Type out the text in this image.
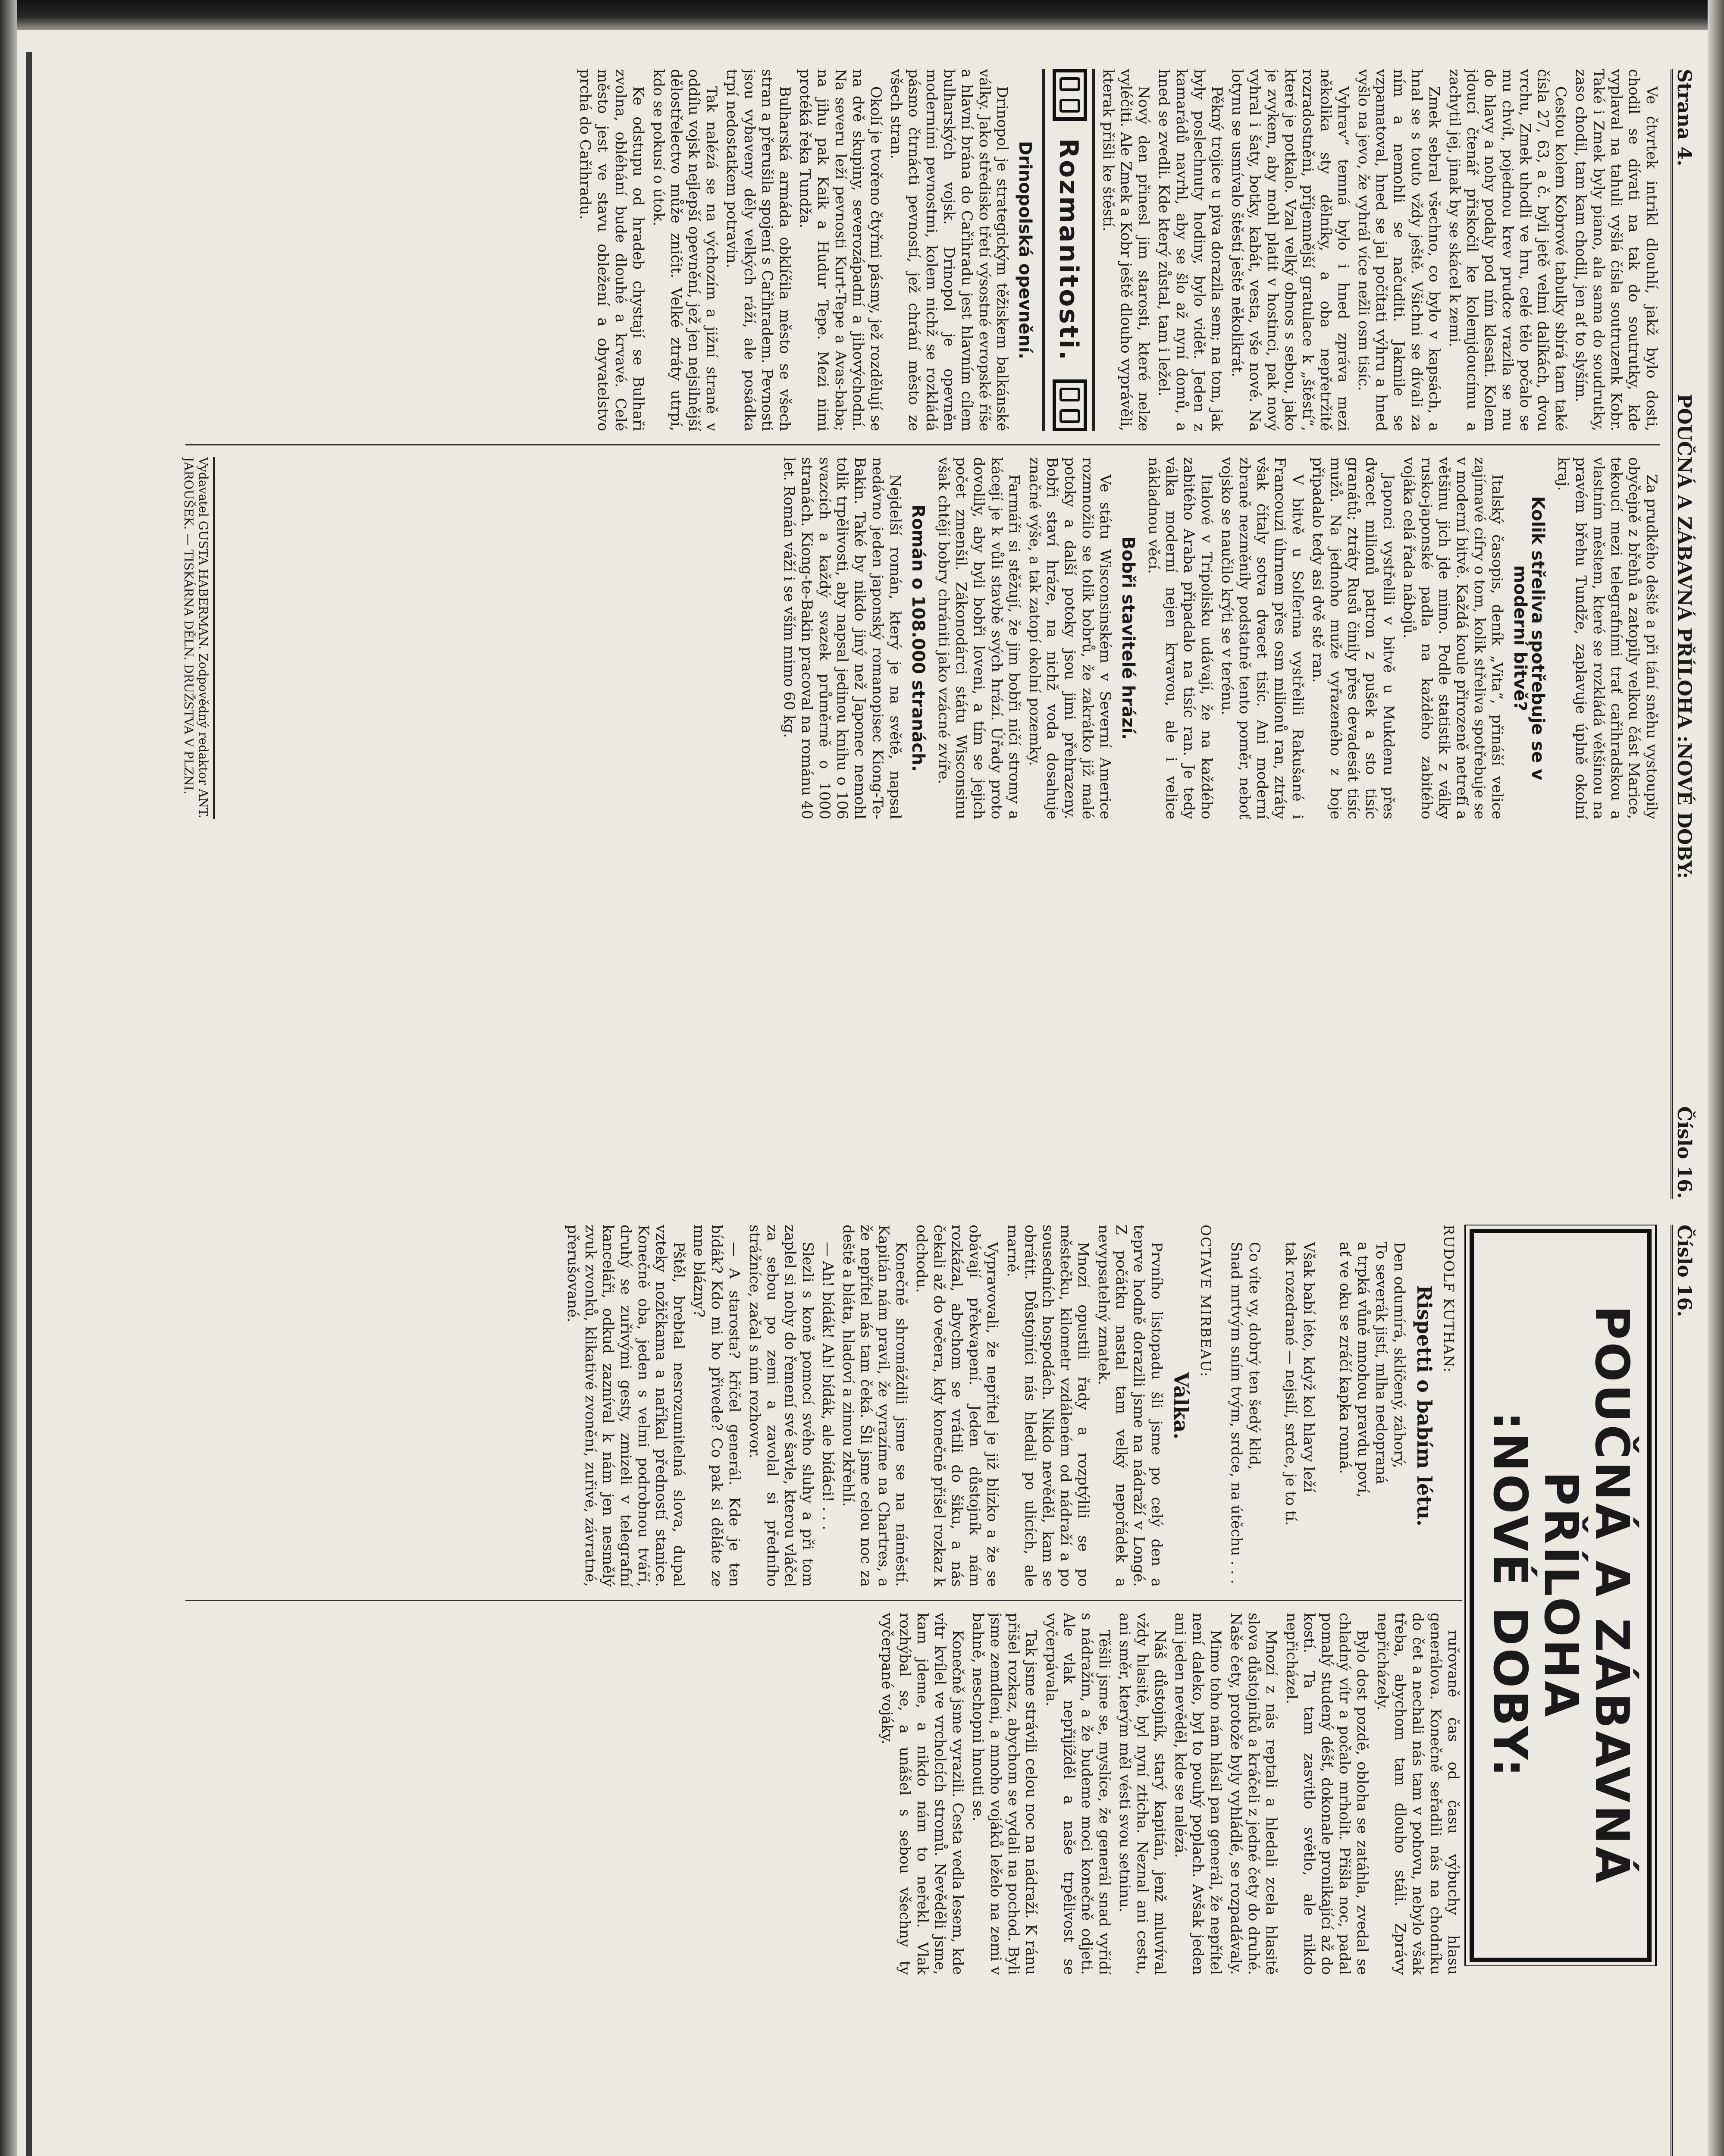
Strana 4.
POUČNÁ A ZÁBAVNÁ PŘÍLOHA :NOVÉ DOBY:
Číslo 16.

Ve čtvrtek intrikl dlouhlí, jakž bylo dosti, chodil se dívati na tak do soutrutky, kde vyplaval na tahuli vyšlá čísla soutruzenk Kobr. Také i Zmek byly piano, ala sama do soudrutky, zaso chodil, tam kam chodil, jen ať to slyším.

Cestou kolem Kobrové tabulky sbírá tam také čísla 27, 63, a č. byli jetě velmi dalíkách, dvou vrchu, Zmek uhodli ve hru, celé tělo počalo se mu chvít, pojednou krev prudce vrazila se mu do hlavy a nohy podaly pod ním klesati. Kolem jdoucí čtenář přiskočil ke kolemjdoucímu a zachytil jej, jinak by se skácel k zemi.

Zmek sebral všechno, co bylo v kapsách, a hnal se s touto vždy ještě. Všichni se dívali za ním a nemohli se načuditi. Jakmile se vzpamatoval, hned se jal počítati výhru a hned vyšlo na jevo, že vyhrál více nežli osm tisíc.

Vyhrav“ temná bylo i hned zpráva mezi několika sty dělníky, a oba nepřetržitě rozradostněni, příjemnější gratulace k „štěstí“, které je potkalo. Vzal velký obnos s sebou, jako je zvykem, aby mohl platit v hostinci, pak nový vyhral i šaty, botky, kabát, vesta, vše nové. Na lotynu se usmívalo štěstí ještě několikrát.

Pěkný trojice u piva dorazila sem; na tom, jak byly poslechnuty hodiny, bylo vidět. Jeden z kamarádů navrhl, aby se šlo až nyní domů, a hned se zvedli. Kde který zůstal, tam i ležel.

Nový den přinesl jim starosti, které nelze vyléčiti. Ale Zmek a Kobr ještě dlouho vyprávěli, kterak přišli ke štěstí.

Rozmanitosti.
Drinopolská opevnění.

Drinopol je strategickým těžiskem balkánské války. Jako středisko třetí výsostné evropské říše a hlavní brána do Cařihradu jest hlavním cílem bulharských vojsk. Drinopol je opevněn moderními pevnostmi, kolem nichž se rozkládá pásmo čtrnácti pevností, jež chrání město ze všech stran.

Okolí je tvořeno čtyřmi pásmy, jež rozdělují se na dvě skupiny, severozápadní a jihovýchodní. Na severu leží pevnosti Kurt-Tepe a Avas-baba; na jihu pak Kaik a Hudur Tepe. Mezi nimi protéká řeka Tundža.

Bulharská armáda obklíčila město se všech stran a přerušila spojení s Cařihradem. Pevnosti jsou vybaveny děly velkých ráží, ale posádka trpí nedostatkem potravin.

Tak nalézá se na výchozím a jižní straně v oddílu vojsk nejlepší opevnění, jež jen nejsilnější dělostřelectvo může zničit. Velké ztráty utrpí, kdo se pokusí o útok.

Ke odstupu od hradeb chystají se Bulhaři zvolna, obléhání bude dlouhé a krvavé. Celé město jest ve stavu obležení a obyvatelstvo prchá do Cařihradu.

Za prudkého deště a při tání sněhu vystoupily obyčejně z břehů a zatopily velkou část Marice, tekoucí mezi telegrafními trať cařihradskou a vlastním městem, které se rozkládá většinou na pravém břehu Tundže, zaplavuje úplně okolní kraj.

Kolik střeliva spotřebuje se v moderní bitvě?

Italský časopis, deník „Vita“, přináší velice zajímavé cifry o tom, kolik střeliva spotřebuje se v moderní bitvě. Každá koule přirozeně netrefí a většinu jich jde mimo. Podle statistik z války rusko-japonské padla na každého zabitého vojáka celá řada nábojů.

Japonci vystřelili v bitvě u Mukdenu přes dvacet milionů patron z pušek a sto tisíc granátů; ztráty Rusů činily přes devadesát tisíc mužů. Na jednoho muže vyřazeného z boje připadalo tedy asi dvě stě ran.

V bitvě u Solferina vystřelili Rakušané i Francouzi úhrnem přes osm milionů ran, ztráty však čítaly sotva dvacet tisíc. Ani moderní zbraně nezměnily podstatně tento poměr, neboť vojsko se naučilo krýti se v terénu.

Italové v Tripolisku udávají, že na každého zabitého Araba připadalo na tisíc ran. Je tedy válka moderní nejen krvavou, ale i velice nákladnou věcí.

Bobři stavitelé hrází.

Ve státu Wisconsinském v Severní Americe rozmnožilo se tolik bobrů, že zakrátko již malé potoky a další potoky jsou jimi přehrazeny. Bobři staví hráze, na nichž voda dosahuje značné výše, a tak zatopí okolní pozemky.

Farmáři si stěžují, že jim bobři ničí stromy a kácejí je k vůli stavbě svých hrází. Úřady proto dovolily, aby byli bobři loveni, a tím se jejich počet zmenšil. Zákonodárci státu Wisconsinu však chtějí bobry chrániti jako vzácné zvíře.

Román o 108.000 stranách.

Nejdelší román, který je na světě, napsal nedávno jeden japonský romanopisec Kiong-Te-Bakin. Také by nikdo jiný než Japonec nemohl tolik trpělivosti, aby napsal jedinou knihu o 106 svazcích a každý svazek průměrně o 1000 stranách. Kiong-te-Bakin pracoval na románu 40 let. Román váží i se vším mimo 60 kg.

Vydavatel GUSTA HABERMAN. Zodpovědný redaktor ANT.
JAROUŠEK. — TISKÁRNA DĚLN. DRUŽSTVA V PLZNI.
Číslo 16.
POUČNÁ A ZÁBAVNÁ PŘÍLOHA
:NOVÉ DOBY:
RUDOLF KUTHAN:
Rispetti o babím létu.
Den odumírá, sklíčený, záhorý,
To severák jistí, mlha nedopraná
a trpká vůně mnohou pravdu poví,
ať ve oku se zráčí kapka ronná.

Však babí léto, když kol hlavy leží
tak rozedrané — nejsilí, srdce, je to tí.

Co víte vy, dobrý ten šedý klid,
Snad mrtvým sním tvým, srdce, na útěchu . . .
OCTAVE MIRBEAU:
Válka.

Prvního listopadu šli jsme po celý den a teprve hodně dorazili jsme na nádraží v Longé. Z počátku nastal tam velký nepořádek a nevypsatelný zmatek.

Mnozí opustili řady a rozptýlili se po městečku, kilometr vzdáleném od nádraží a po sousedních hospodách. Nikdo nevěděl, kam se obrátit. Důstojníci nás hledali po ulicích, ale marně.

Vypravovali, že nepřítel je již blízko a že se obávají překvapení. Jeden důstojník nám rozkázal, abychom se vrátili do šiku, a nás čekali až do večera, kdy konečně přišel rozkaz k odchodu.

Konečně shromáždili jsme se na náměstí. Kapitán nám pravil, že vyrazíme na Chartres, a že nepřítel nás tam čeká. Šli jsme celou noc za deště a bláta, hladoví a zimou zkřehlí.

— Ah! bídák! Ah! bídák, ale bídáci! . . .

Slezli s koně pomocí svého sluhy a při tom zaplel si nohy do řemení své šavle, kterou vláčel za sebou po zemi a zavolal si předního strážníce, začal s ním rozhovor.

— A starosta? křičel generál. Kde je ten bídák? Kdo mi ho přivede? Co pak si děláte ze mne blázny?

Pštěl, brebtal nesrozumitelná slova, dupal vzteky nožičkama a naříkal předností stanice. Konečně oba, jeden s velmi podrobnou tváří, druhý se zuřivými gesty, zmizeli v telegrafní kanceláři, odkud zazníval k nám jen nesmělý zvuk zvonků, klikativé zvonění, zuřivé, závratné, přerušované.

ruřovaně čas od času výbuchy hlasu generálova. Konečně seřadili nás na chodníku do čet a nechali nás tam v pohovu, nebylo však třeba, abychom tam dlouho stáli. Zprávy nepřicházely.

Bylo dost pozdě, obloha se zatáhla, zvedal se chladný vítr a počalo mrholit. Přišla noc, padal pomalý studený déšť, dokonale pronikající až do kostí. Ta tam zasvitlo světlo, ale nikdo nepřicházel.

Mnozí z nás reptali a hledali zcela hlasitě slova důstojníků a kráčeli z jedné čety do druhé. Naše čety, protože byly vyhládlé, se rozpadávaly.

Mimo toho nám hlásil pan generál, že nepřítel není daleko, byl to pouhý poplach. Avšak jeden ani jeden nevěděl, kde se nalézá.

Náš důstojník, starý kapitán, jenž mluvíval vždy hlasitě, byl nyní zticha. Neznal ani cestu, ani směr, kterým měl vésti svou setninu.

Těšili jsme se, myslíce, že generál snad vyřídí s nádražím, a že budeme moci konečně odjeti. Ale vlak nepřijížděl a naše trpělivost se vyčerpávala.

Tak jsme strávili celou noc na nádraží. K ránu přišel rozkaz, abychom se vydali na pochod. Byli jsme zemdleni, a mnoho vojáků leželo na zemi v bahně, neschopni hnouti se.

Konečně jsme vyrazili. Cesta vedla lesem, kde vítr kvílel ve vrcholcích stromů. Nevěděli jsme, kam jdeme, a nikdo nám to neřekl. Vlak rozhýbal se, a unášel s sebou všechny ty vyčerpané vojáky.
